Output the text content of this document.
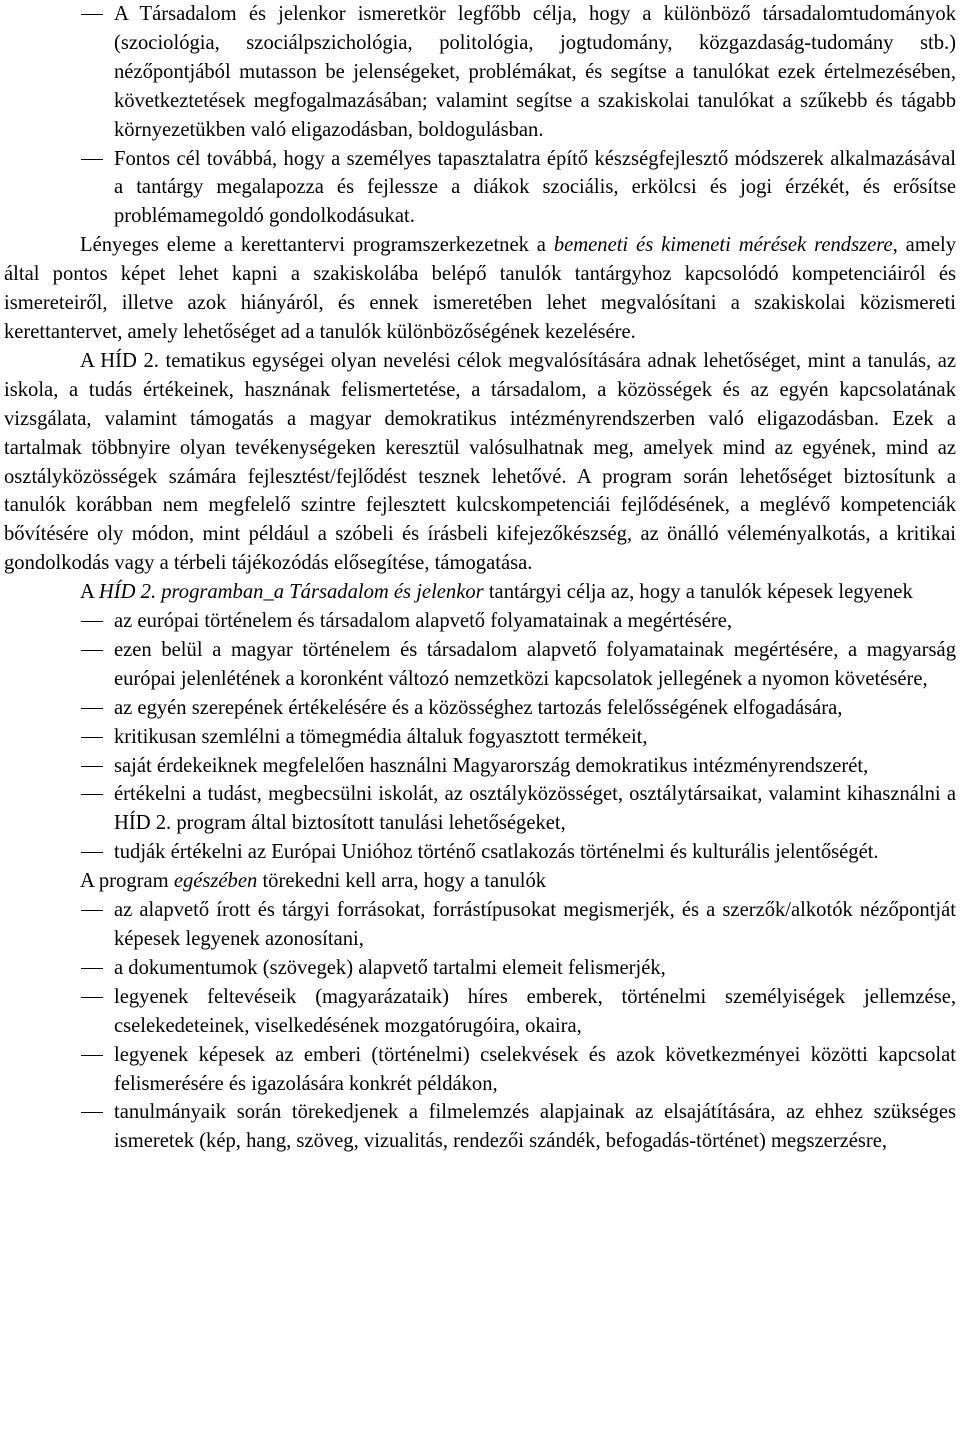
A Társadalom és jelenkor ismeretkör legfőbb célja, hogy a különböző társadalomtudományok (szociológia, szociálpszichológia, politológia, jogtudomány, közgazdaság-tudomány stb.) nézőpontjából mutasson be jelenségeket, problémákat, és segítse a tanulókat ezek értelmezésében, következtetések megfogalmazásában; valamint segítse a szakiskolai tanulókat a szűkebb és tágabb környezetükben való eligazodásban, boldogulásban.

Fontos cél továbbá, hogy a személyes tapasztalatra építő készségfejlesztő módszerek alkalmazásával a tantárgy megalapozza és fejlessze a diákok szociális, erkölcsi és jogi érzékét, és erősítse problémamegoldó gondolkodásukat.

Lényeges eleme a kerettantervi programszerkezetnek a bemeneti és kimeneti mérések rendszere, amely által pontos képet lehet kapni a szakiskolába belépő tanulók tantárgyhoz kapcsolódó kompetenciáiról és ismereteiről, illetve azok hiányáról, és ennek ismeretében lehet megvalósítani a szakiskolai közismereti kerettantervet, amely lehetőséget ad a tanulók különbözőségének kezelésére.

A HÍD 2. tematikus egységei olyan nevelési célok megvalósítására adnak lehetőséget, mint a tanulás, az iskola, a tudás értékeinek, hasznának felismertetése, a társadalom, a közösségek és az egyén kapcsolatának vizsgálata, valamint támogatás a magyar demokratikus intézményrendszerben való eligazodásban. Ezek a tartalmak többnyire olyan tevékenységeken keresztül valósulhatnak meg, amelyek mind az egyének, mind az osztályközösségek számára fejlesztést/fejlődést tesznek lehetővé. A program során lehetőséget biztosítunk a tanulók korábban nem megfelelő szintre fejlesztett kulcskompetenciái fejlődésének, a meglévő kompetenciák bővítésére oly módon, mint például a szóbeli és írásbeli kifejezőkészség, az önálló véleményalkotás, a kritikai gondolkodás vagy a térbeli tájékozódás elősegítése, támogatása.

A HÍD 2. programban_a Társadalom és jelenkor tantárgyi célja az, hogy a tanulók képesek legyenek

az európai történelem és társadalom alapvető folyamatainak a megértésére,

ezen belül a magyar történelem és társadalom alapvető folyamatainak megértésére, a magyarság európai jelenlétének a koronként változó nemzetközi kapcsolatok jellegének a nyomon követésére,

az egyén szerepének értékelésére és a közösséghez tartozás felelősségének elfogadására,

kritikusan szemlélni a tömegmédia általuk fogyasztott termékeit,

saját érdekeiknek megfelelően használni Magyarország demokratikus intézményrendszerét,

értékelni a tudást, megbecsülni iskolát, az osztályközösséget, osztálytársaikat, valamint kihasználni a HÍD 2. program által biztosított tanulási lehetőségeket,

tudják értékelni az Európai Unióhoz történő csatlakozás történelmi és kulturális jelentőségét.

A program egészében törekedni kell arra, hogy a tanulók

az alapvető írott és tárgyi forrásokat, forrástípusokat megismerjék, és a szerzők/alkotók nézőpontját képesek legyenek azonosítani,

a dokumentumok (szövegek) alapvető tartalmi elemeit felismerjék,

legyenek feltevéseik (magyarázataik) híres emberek, történelmi személyiségek jellemzése, cselekedeteinek, viselkedésének mozgatórugóira, okaira,

legyenek képesek az emberi (történelmi) cselekvések és azok következményei közötti kapcsolat felismerésére és igazolására konkrét példákon,

tanulmányaik során törekedjenek a filmelemzés alapjainak az elsajátítására, az ehhez szükséges ismeretek (kép, hang, szöveg, vizualitás, rendezői szándék, befogadás-történet) megszerzésre,
